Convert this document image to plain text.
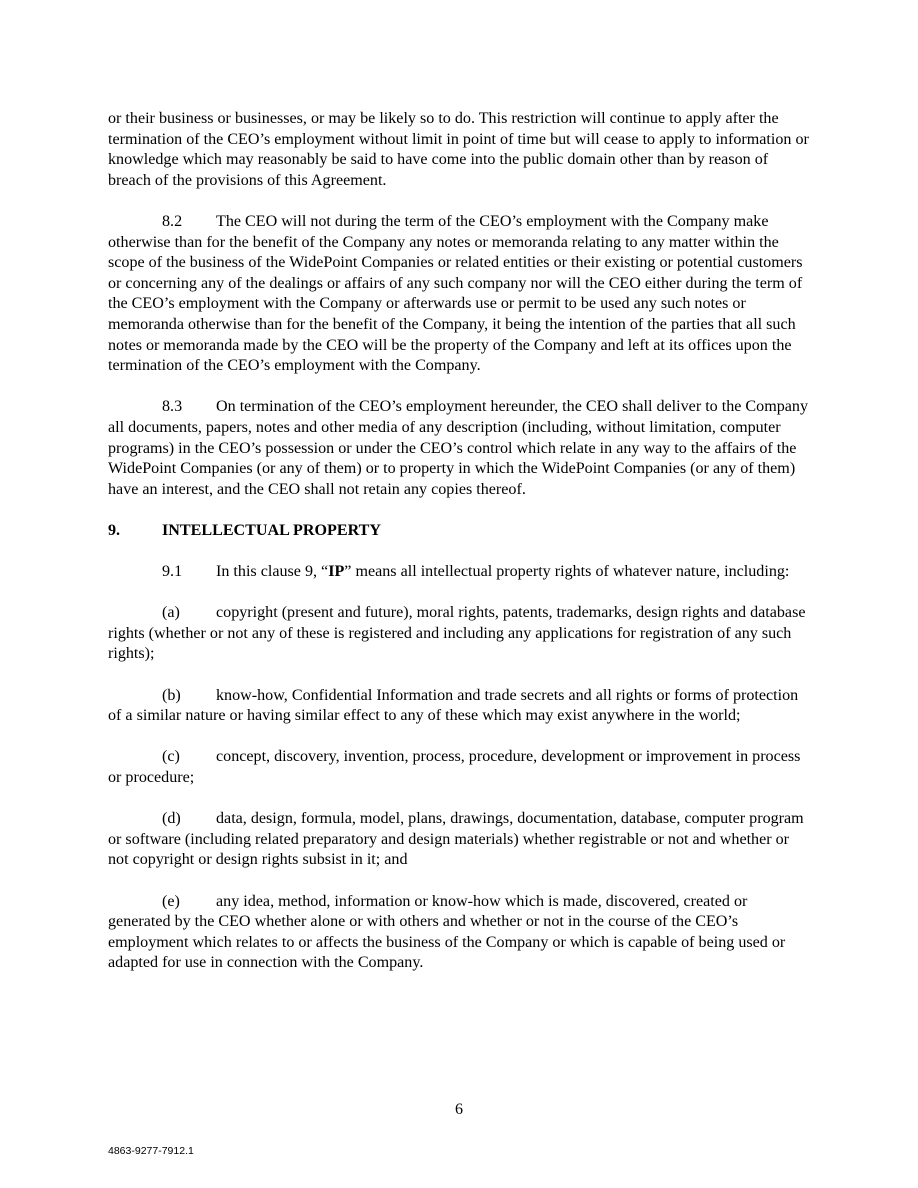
or their business or businesses, or may be likely so to do. This restriction will continue to apply after the termination of the CEO’s employment without limit in point of time but will cease to apply to information or knowledge which may reasonably be said to have come into the public domain other than by reason of breach of the provisions of this Agreement.

8.2 The CEO will not during the term of the CEO’s employment with the Company make otherwise than for the benefit of the Company any notes or memoranda relating to any matter within the scope of the business of the WidePoint Companies or related entities or their existing or potential customers or concerning any of the dealings or affairs of any such company nor will the CEO either during the term of the CEO’s employment with the Company or afterwards use or permit to be used any such notes or memoranda otherwise than for the benefit of the Company, it being the intention of the parties that all such notes or memoranda made by the CEO will be the property of the Company and left at its offices upon the termination of the CEO’s employment with the Company.

8.3 On termination of the CEO’s employment hereunder, the CEO shall deliver to the Company all documents, papers, notes and other media of any description (including, without limitation, computer programs) in the CEO’s possession or under the CEO’s control which relate in any way to the affairs of the WidePoint Companies (or any of them) or to property in which the WidePoint Companies (or any of them) have an interest, and the CEO shall not retain any copies thereof.

9.	INTELLECTUAL PROPERTY

9.1 In this clause 9, “IP” means all intellectual property rights of whatever nature, including:

(a) copyright (present and future), moral rights, patents, trademarks, design rights and database rights (whether or not any of these is registered and including any applications for registration of any such rights);

(b) know-how, Confidential Information and trade secrets and all rights or forms of protection of a similar nature or having similar effect to any of these which may exist anywhere in the world;

(c) concept, discovery, invention, process, procedure, development or improvement in process or procedure;

(d) data, design, formula, model, plans, drawings, documentation, database, computer program or software (including related preparatory and design materials) whether registrable or not and whether or not copyright or design rights subsist in it; and

(e) any idea, method, information or know-how which is made, discovered, created or generated by the CEO whether alone or with others and whether or not in the course of the CEO’s employment which relates to or affects the business of the Company or which is capable of being used or adapted for use in connection with the Company.

6
4863-9277-7912.1
